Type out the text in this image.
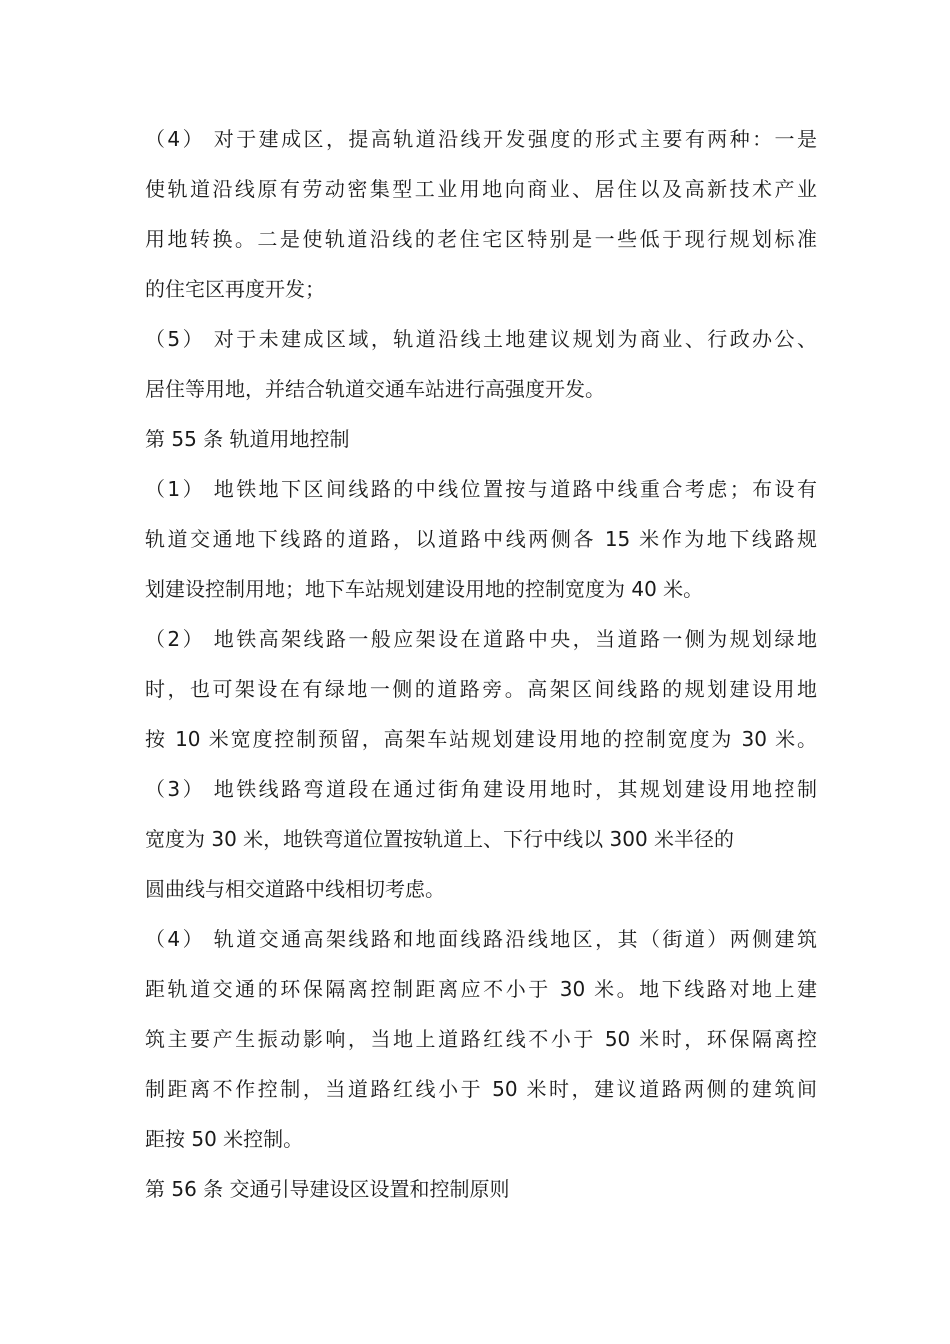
（4） 对于建成区，提高轨道沿线开发强度的形式主要有两种：一是
使轨道沿线原有劳动密集型工业用地向商业、居住以及高新技术产业
用地转换。二是使轨道沿线的老住宅区特别是一些低于现行规划标准
的住宅区再度开发；
（5） 对于未建成区域，轨道沿线土地建议规划为商业、行政办公、
居住等用地，并结合轨道交通车站进行高强度开发。
第 55 条 轨道用地控制
（1） 地铁地下区间线路的中线位置按与道路中线重合考虑；布设有
轨道交通地下线路的道路，以道路中线两侧各 15 米作为地下线路规
划建设控制用地；地下车站规划建设用地的控制宽度为 40 米。
（2） 地铁高架线路一般应架设在道路中央，当道路一侧为规划绿地
时，也可架设在有绿地一侧的道路旁。高架区间线路的规划建设用地
按 10 米宽度控制预留，高架车站规划建设用地的控制宽度为 30 米。
（3） 地铁线路弯道段在通过街角建设用地时，其规划建设用地控制
宽度为 30 米，地铁弯道位置按轨道上、下行中线以 300 米半径的
圆曲线与相交道路中线相切考虑。
（4） 轨道交通高架线路和地面线路沿线地区，其（街道）两侧建筑
距轨道交通的环保隔离控制距离应不小于 30 米。地下线路对地上建
筑主要产生振动影响，当地上道路红线不小于 50 米时，环保隔离控
制距离不作控制，当道路红线小于 50 米时，建议道路两侧的建筑间
距按 50 米控制。
第 56 条 交通引导建设区设置和控制原则
